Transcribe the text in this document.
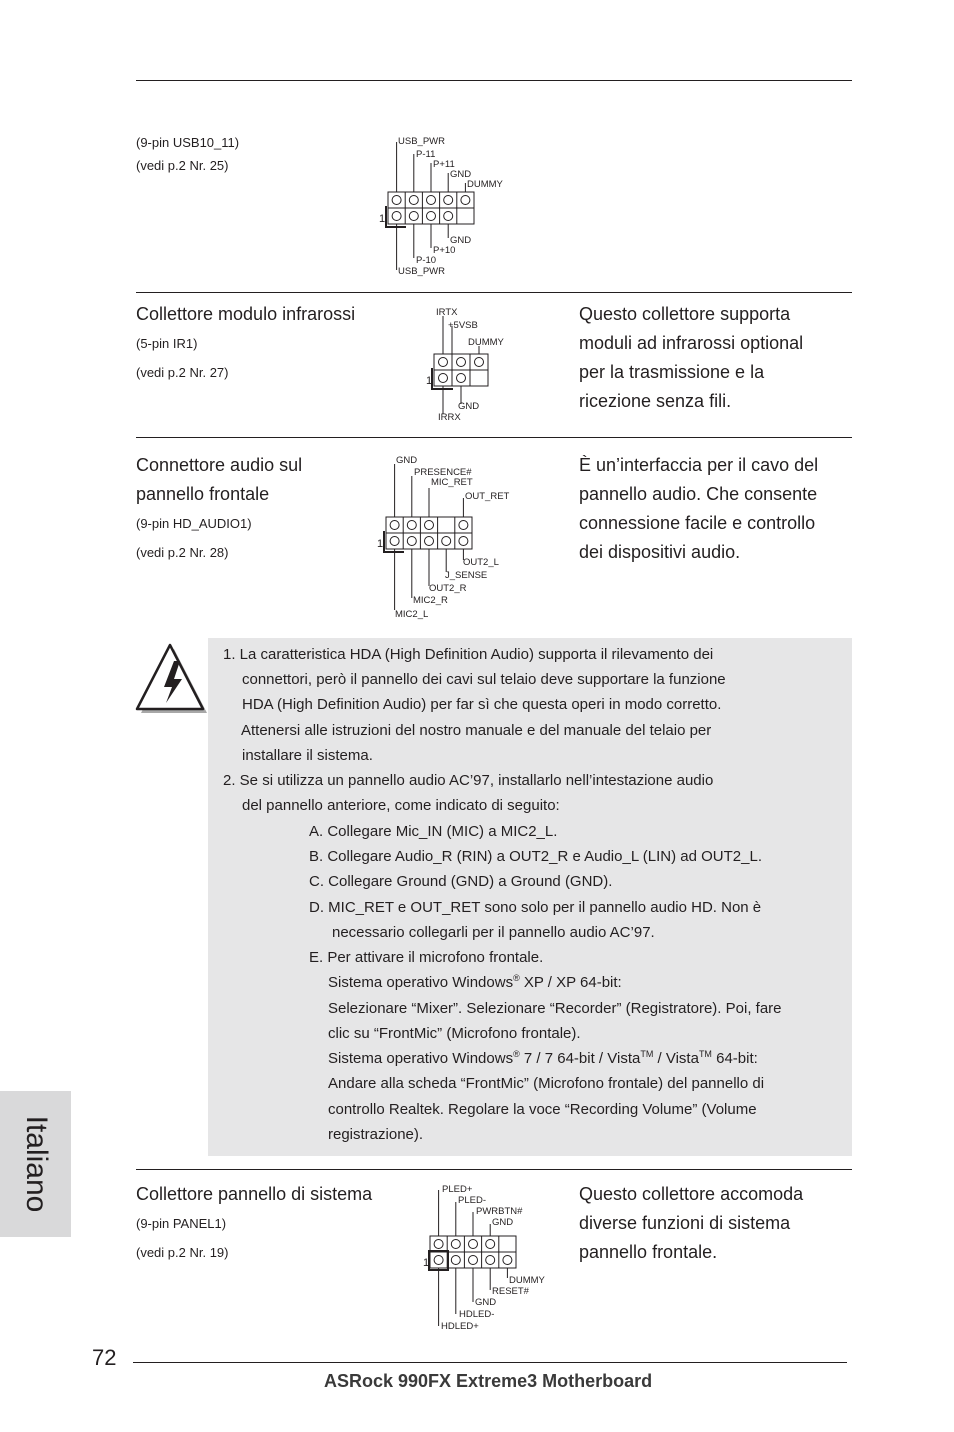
(9-pin USB10_11)
(vedi p.2 Nr. 25)
USB_PWR
P-11
P+11
GND
DUMMY
GND
P+10
P-10
USB_PWR
1
Collettore modulo infrarossi
(5-pin IR1)
(vedi p.2 Nr. 27)
IRTX
+5VSB
DUMMY
GND
IRRX
1
Questo collettore supporta
moduli ad infrarossi optional
per la trasmissione e la
ricezione senza fili.
Connettore audio sul
pannello frontale
(9-pin HD_AUDIO1)
(vedi p.2 Nr. 28)
GND
PRESENCE#
MIC_RET
OUT_RET
OUT2_L
J_SENSE
OUT2_R
MIC2_R
MIC2_L
1
È un’interfaccia per il cavo del
pannello audio. Che consente
connessione facile e controllo
dei dispositivi audio.
1. La caratteristica HDA (High Definition Audio) supporta il rilevamento dei
connettori, però il pannello dei cavi sul telaio deve supportare la funzione
HDA (High Definition Audio) per far sì che questa operi in modo corretto.
Attenersi alle istruzioni del nostro manuale e del manuale del telaio per
installare il sistema.
2. Se si utilizza un pannello audio AC’97, installarlo nell’intestazione audio
del pannello anteriore, come indicato di seguito:
A. Collegare Mic_IN (MIC) a MIC2_L.
B. Collegare Audio_R (RIN) a OUT2_R e Audio_L (LIN) ad OUT2_L.
C. Collegare Ground (GND) a Ground (GND).
D. MIC_RET e OUT_RET sono solo per il pannello audio HD. Non è
necessario collegarli per il pannello audio AC’97.
E. Per attivare il microfono frontale.
Sistema operativo Windows® XP / XP 64-bit:
Selezionare “Mixer”. Selezionare “Recorder” (Registratore). Poi, fare
clic su “FrontMic” (Microfono frontale).
Sistema operativo Windows® 7 / 7 64-bit / Vista™ / Vista™ 64-bit:
Andare alla scheda “FrontMic” (Microfono frontale) del pannello di
controllo Realtek. Regolare la voce “Recording Volume” (Volume
registrazione).
Collettore pannello di sistema
(9-pin PANEL1)
(vedi p.2 Nr. 19)
PLED+
PLED-
PWRBTN#
GND
DUMMY
RESET#
GND
HDLED-
HDLED+
1
Questo collettore accomoda
diverse funzioni di sistema
pannello frontale.
Italiano
72
ASRock 990FX Extreme3 Motherboard
